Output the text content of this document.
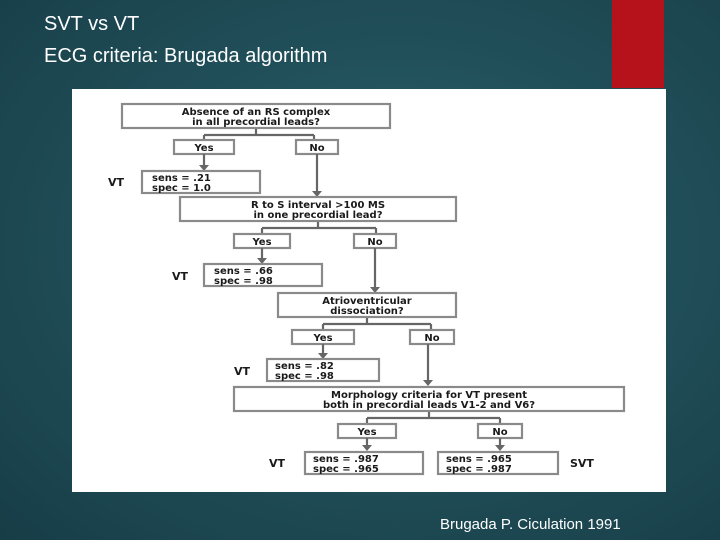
SVT vs VT
ECG criteria: Brugada algorithm
Absence of an RS complex
in all precordial leads?
Yes	No
VT	sens = .21
spec = 1.0
R to S interval >100 MS
in one precordial lead?
Yes	No
VT	sens = .66
spec = .98
Atrioventricular
dissociation?
Yes	No
VT sens = .82
spec = .98
Morphology criteria for VT present
both in precordial leads V1-2 and V6?
Yes	No
VT	sens = .987
spec = .965
sens = .965
spec = .987	SVT
Brugada P. Ciculation 1991
